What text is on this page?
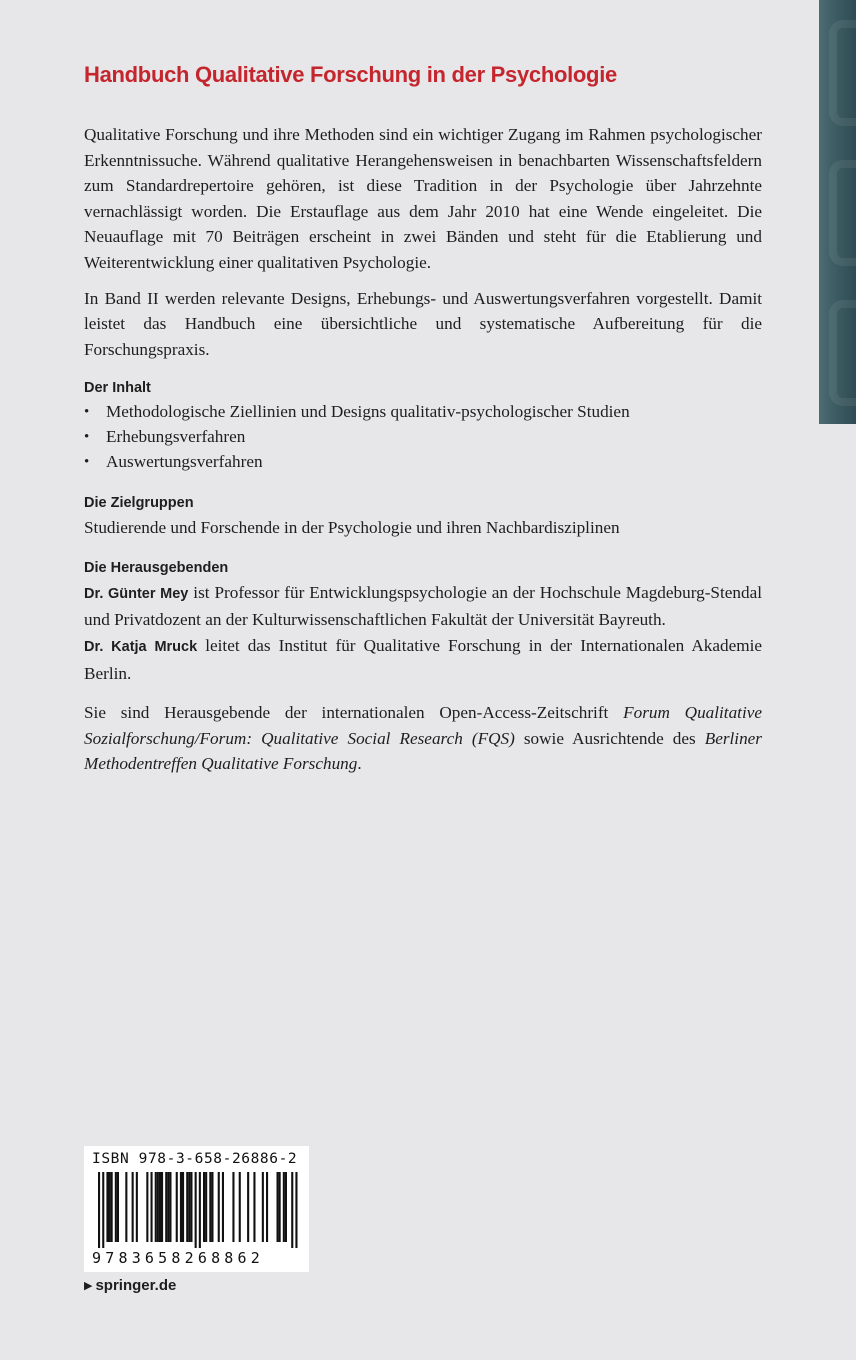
Handbuch Qualitative Forschung in der Psychologie

Qualitative Forschung und ihre Methoden sind ein wichtiger Zugang im Rahmen psychologischer Erkenntnissuche. Während qualitative Herangehensweisen in benachbarten Wissenschaftsfeldern zum Standardrepertoire gehören, ist diese Tradition in der Psychologie über Jahrzehnte vernachlässigt worden. Die Erstauflage aus dem Jahr 2010 hat eine Wende eingeleitet. Die Neuauflage mit 70 Beiträgen erscheint in zwei Bänden und steht für die Etablierung und Weiterentwicklung einer qualitativen Psychologie.

In Band II werden relevante Designs, Erhebungs- und Auswertungsverfahren vorgestellt. Damit leistet das Handbuch eine übersichtliche und systematische Aufbereitung für die Forschungspraxis.

Der Inhalt
• Methodologische Ziellinien und Designs qualitativ-psychologischer Studien
• Erhebungsverfahren
• Auswertungsverfahren
Die Zielgruppen
Studierende und Forschende in der Psychologie und ihren Nachbardisziplinen
Die Herausgebenden

Dr. Günter Mey ist Professor für Entwicklungspsychologie an der Hochschule Magdeburg-Stendal und Privatdozent an der Kulturwissenschaftlichen Fakultät der Universität Bayreuth.

Dr. Katja Mruck leitet das Institut für Qualitative Forschung in der Internationalen Akademie Berlin.

Sie sind Herausgebende der internationalen Open-Access-Zeitschrift Forum Qualitative Sozialforschung/Forum: Qualitative Social Research (FQS) sowie Ausrichtende des Berliner Methodentreffen Qualitative Forschung.

ISBN 978-3-658-26886-2
9783658268862
▶ springer.de
